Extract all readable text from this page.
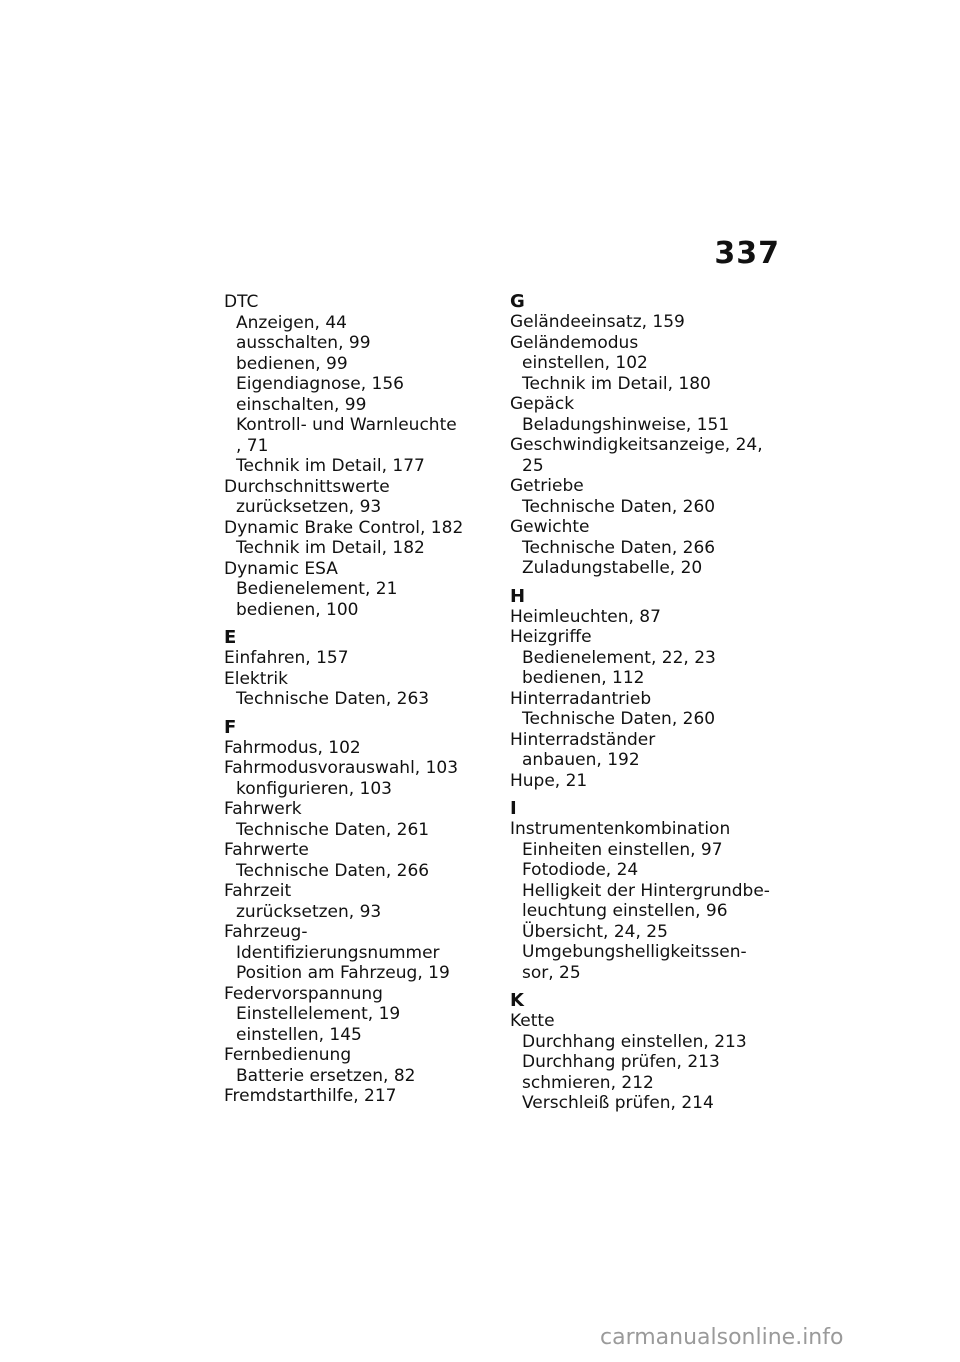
337
DTC
Anzeigen, 44
ausschalten, 99
bedienen, 99
Eigendiagnose, 156
einschalten, 99
Kontroll- und Warnleuchte
, 71
Technik im Detail, 177
Durchschnittswerte
zurücksetzen, 93
Dynamic Brake Control, 182
Technik im Detail, 182
Dynamic ESA
Bedienelement, 21
bedienen, 100
E
Einfahren, 157
Elektrik
Technische Daten, 263
F
Fahrmodus, 102
Fahrmodusvorauswahl, 103
konfigurieren, 103
Fahrwerk
Technische Daten, 261
Fahrwerte
Technische Daten, 266
Fahrzeit
zurücksetzen, 93
Fahrzeug-
Identifizierungsnummer
Position am Fahrzeug, 19
Federvorspannung
Einstellelement, 19
einstellen, 145
Fernbedienung
Batterie ersetzen, 82
Fremdstarthilfe, 217
G
Geländeeinsatz, 159
Geländemodus
einstellen, 102
Technik im Detail, 180
Gepäck
Beladungshinweise, 151
Geschwindigkeitsanzeige, 24,
25
Getriebe
Technische Daten, 260
Gewichte
Technische Daten, 266
Zuladungstabelle, 20
H
Heimleuchten, 87
Heizgriffe
Bedienelement, 22, 23
bedienen, 112
Hinterradantrieb
Technische Daten, 260
Hinterradständer
anbauen, 192
Hupe, 21
I
Instrumentenkombination
Einheiten einstellen, 97
Fotodiode, 24
Helligkeit der Hintergrundbe-
leuchtung einstellen, 96
Übersicht, 24, 25
Umgebungshelligkeitssen-
sor, 25
K
Kette
Durchhang einstellen, 213
Durchhang prüfen, 213
schmieren, 212
Verschleiß prüfen, 214
carmanualsonline.info
